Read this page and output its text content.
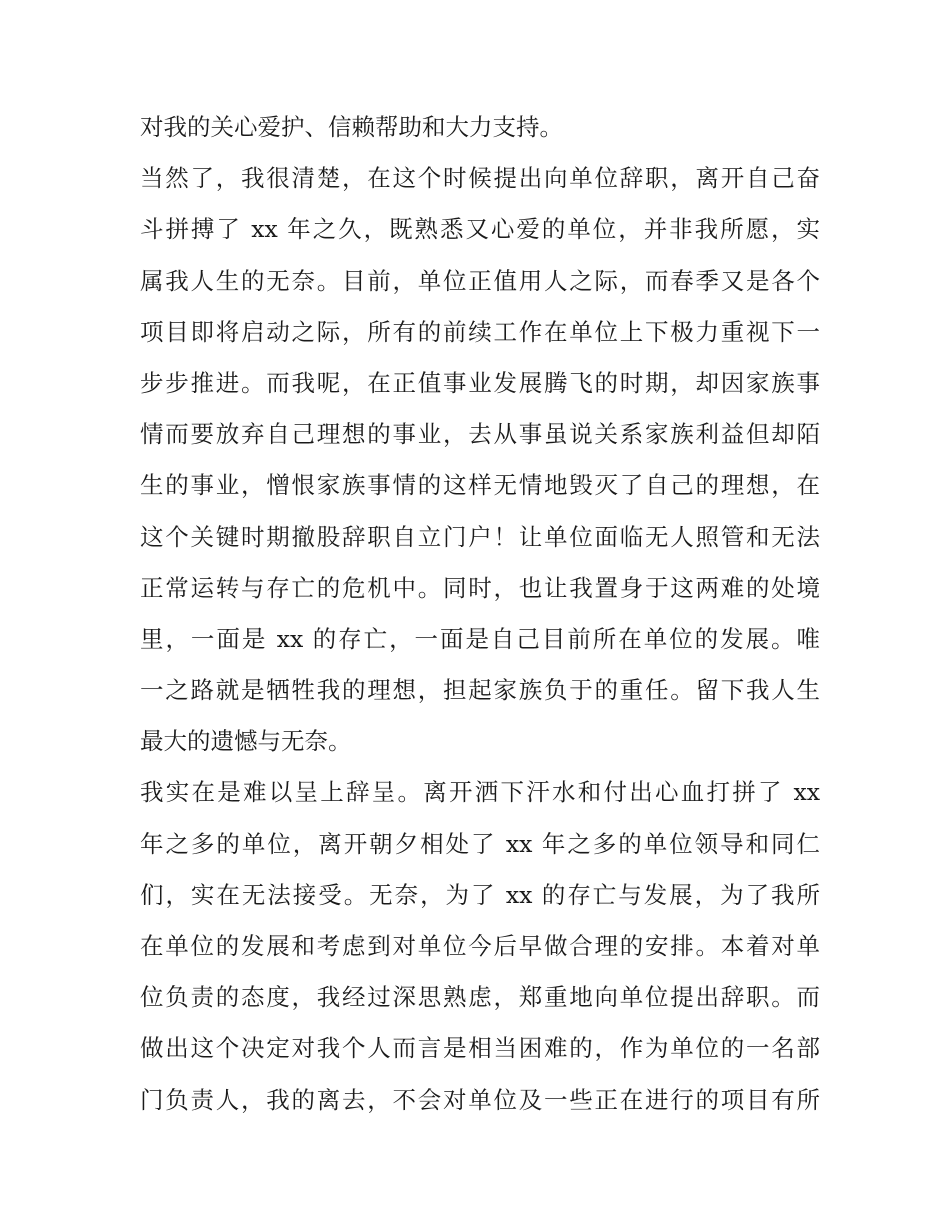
对我的关心爱护、信赖帮助和大力支持。
当然了，我很清楚，在这个时候提出向单位辞职，离开自己奋
斗拼搏了 xx 年之久，既熟悉又心爱的单位，并非我所愿，实
属我人生的无奈。目前，单位正值用人之际，而春季又是各个
项目即将启动之际，所有的前续工作在单位上下极力重视下一
步步推进。而我呢，在正值事业发展腾飞的时期，却因家族事
情而要放弃自己理想的事业，去从事虽说关系家族利益但却陌
生的事业，憎恨家族事情的这样无情地毁灭了自己的理想，在
这个关键时期撤股辞职自立门户！让单位面临无人照管和无法
正常运转与存亡的危机中。同时，也让我置身于这两难的处境
里，一面是 xx 的存亡，一面是自己目前所在单位的发展。唯
一之路就是牺牲我的理想，担起家族负于的重任。留下我人生
最大的遗憾与无奈。
我实在是难以呈上辞呈。离开洒下汗水和付出心血打拼了 xx
年之多的单位，离开朝夕相处了 xx 年之多的单位领导和同仁
们，实在无法接受。无奈，为了 xx 的存亡与发展，为了我所
在单位的发展和考虑到对单位今后早做合理的安排。本着对单
位负责的态度，我经过深思熟虑，郑重地向单位提出辞职。而
做出这个决定对我个人而言是相当困难的，作为单位的一名部
门负责人，我的离去，不会对单位及一些正在进行的项目有所
